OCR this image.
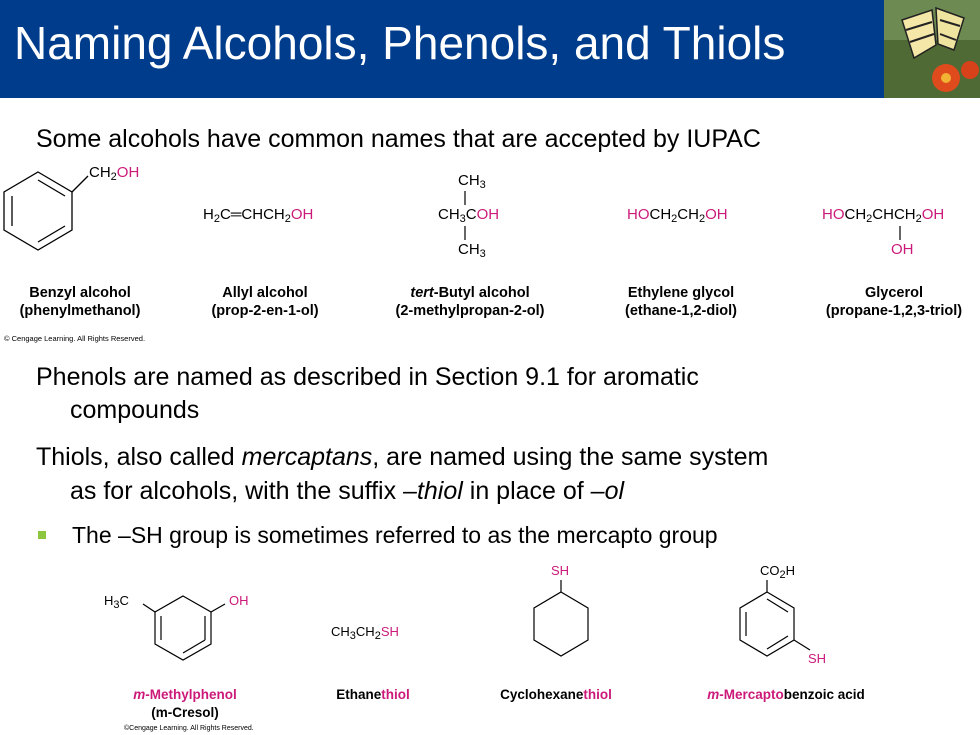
Naming Alcohols, Phenols, and Thiols
Some alcohols have common names that are accepted by IUPAC
$CH_2OH$
$H_2C═CHCH_2OH$
$CH_3$
$CH_3COH$
$CH_3$
$HOCH_2CH_2OH$	$HOCH_2CHCH_2OH$
OH
Benzyl alcohol
(phenylmethanol)
Allyl alcohol
(prop-2-en-1-ol)
tert-Butyl alcohol
(2-methylpropan-2-ol)
Ethylene glycol
(ethane-1,2-diol)
Glycerol
(propane-1,2,3-triol)
© Cengage Learning. All Rights Reserved.
Phenols are named as described in Section 9.1 for aromatic
compounds
Thiols, also called mercaptans, are named using the same system
as for alcohols, with the suffix –thiol in place of –ol
The –SH group is sometimes referred to as the mercapto group
$H_3C$	OH
$CH_3CH_2SH$
SH	$CO_2H$
SH
m-Methylphenol
(m-Cresol)
Ethanethiol	Cyclohexanethiol	m-Mercaptobenzoic acid
©Cengage Learning. All Rights Reserved.
